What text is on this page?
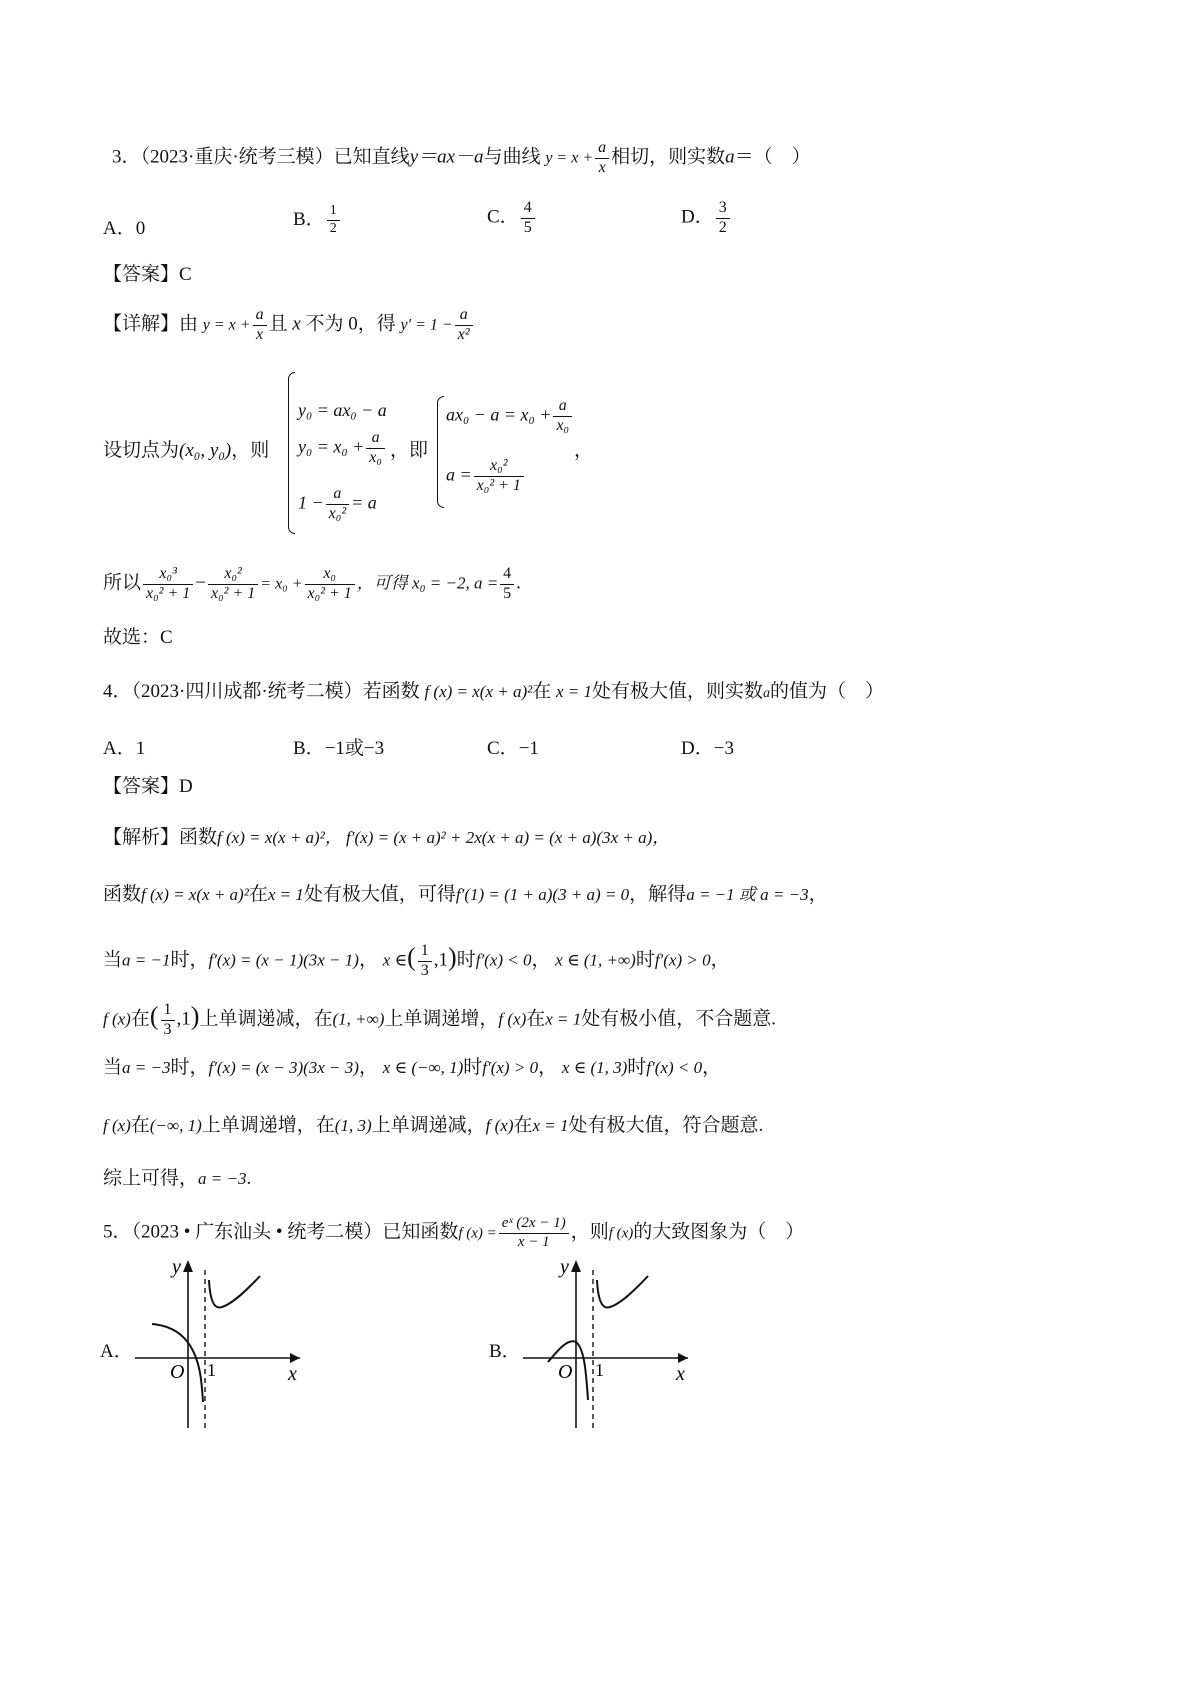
3．（2023·重庆·统考三模）已知直线y＝ax－a与曲线 $y = x + \frac{a}{x}$ 相切，则实数a＝（　）
A．0	B． $\frac{1}{2}$	C． $\frac{4}{5}$	D． $\frac{3}{2}$
【答案】C
【详解】由 $y = x + \frac{a}{x}$ 且 x 不为 0，得 $y' = 1 - \frac{a}{\text{x²}}$
设切点为(x₀, y₀)，则
y₀ = ax₀ − a
$y_0 = x_0 + \frac{a}{\text{x₀}}$
$1 - \frac{a}{\text{x₀²}} = a$
，即
$ax_0 - a = x_0 + \frac{a}{\text{x₀}}$
$a = \frac{\text{x₀²}}{\text{x₀² + 1}}$
，
所以 $\frac{\text{x₀³}}{\text{x₀² + 1}} - \frac{\text{x₀²}}{\text{x₀² + 1}} = x_0 + \frac{\text{x₀}}{\text{x₀² + 1}}$ ，可得 x₀ = −2, $a = \frac{4}{5}$ .
故选：C
4．（2023·四川成都·统考二模）若函数 f (x) = x(x + a)²在 x = 1处有极大值，则实数a的值为（　）
A．1	B．−1或−3	C．−1	D．−3
【答案】D
【解析】函数f (x) = x(x + a)²， f′(x) = (x + a)² + 2x(x + a) = (x + a)(3x + a)，
函数f (x) = x(x + a)²在x = 1处有极大值，可得f′(1) = (1 + a)(3 + a) = 0，解得a = −1 或 a = −3，
当a = −1时，f′(x) = (x − 1)(3x − 1)， x ∈( $\frac{1}{3} ,1$)时f′(x) < 0， x ∈ (1, +∞)时f′(x) > 0，
f (x)在( $\frac{1}{3} ,1$)上单调递减，在(1, +∞)上单调递增，f (x)在x = 1处有极小值，不合题意.
当a = −3时，f′(x) = (x − 3)(3x − 3)， x ∈ (−∞, 1)时f′(x) > 0， x ∈ (1, 3)时f′(x) < 0，
f (x)在(−∞, 1)上单调递增，在(1, 3)上单调递减，f (x)在x = 1处有极大值，符合题意.
综上可得，a = −3.
5．（2023 • 广东汕头 • 统考二模）已知函数f $(x) = \frac{\text{eˣ (2x − 1)}}{x - 1}$ ，则f (x)的大致图象为（　）
A．
y
x
O 1
B．
y
x
O 1
